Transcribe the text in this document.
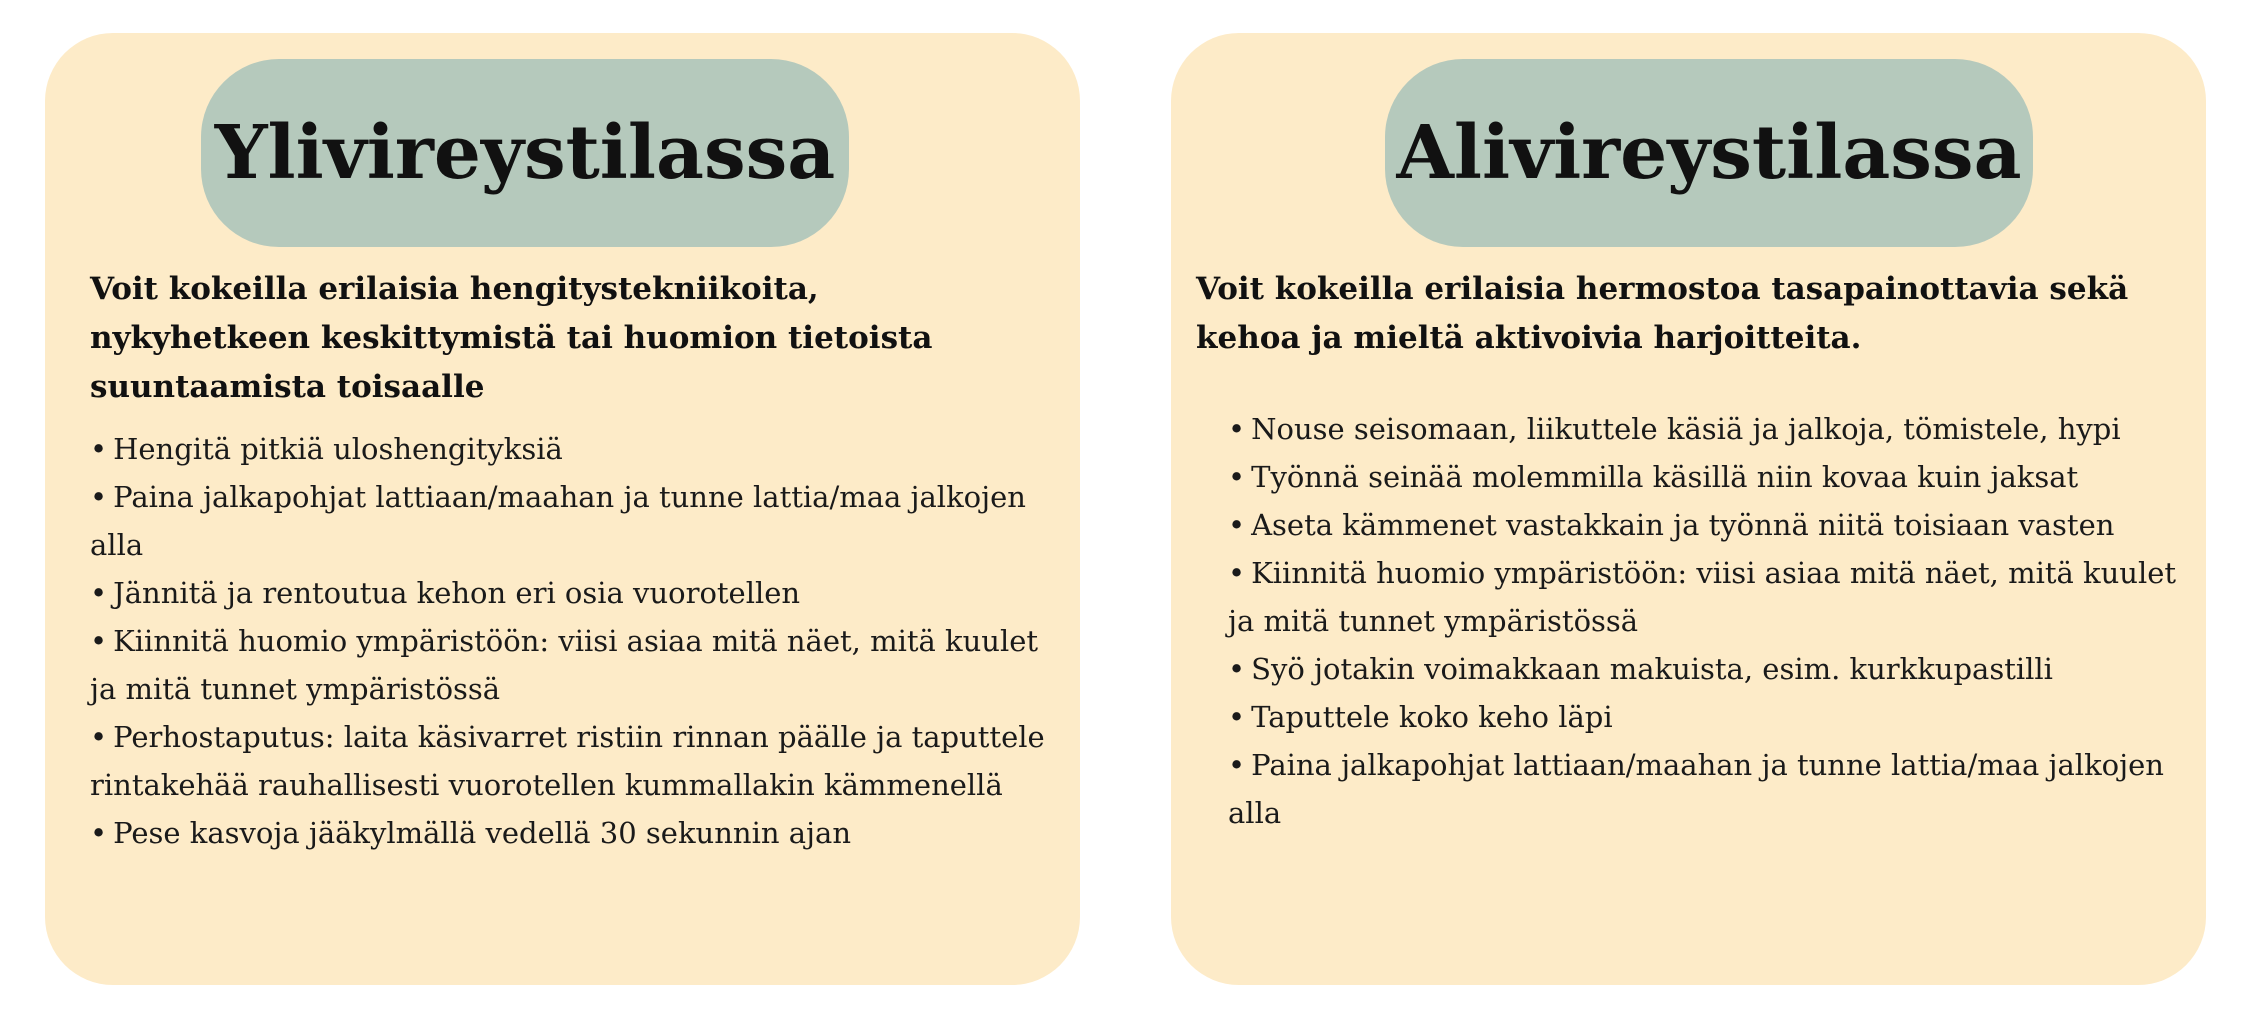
Ylivireystilassa

Voit kokeilla erilaisia hengitystekniikoita, nykyhetkeen keskittymistä tai huomion tietoista suuntaamista toisaalle

• Hengitä pitkiä uloshengityksiä
• Paina jalkapohjat lattiaan/maahan ja tunne lattia/maa jalkojen alla
• Jännitä ja rentoutua kehon eri osia vuorotellen
• Kiinnitä huomio ympäristöön: viisi asiaa mitä näet, mitä kuulet ja mitä tunnet ympäristössä
• Perhostaputus: laita käsivarret ristiin rinnan päälle ja taputtele rintakehää rauhallisesti vuorotellen kummallakin kämmenellä
• Pese kasvoja jääkylmällä vedellä 30 sekunnin ajan
Alivireystilassa

Voit kokeilla erilaisia hermostoa tasapainottavia sekä kehoa ja mieltä aktivoivia harjoitteita.

• Nouse seisomaan, liikuttele käsiä ja jalkoja, tömistele, hypi
• Työnnä seinää molemmilla käsillä niin kovaa kuin jaksat
• Aseta kämmenet vastakkain ja työnnä niitä toisiaan vasten
• Kiinnitä huomio ympäristöön: viisi asiaa mitä näet, mitä kuulet ja mitä tunnet ympäristössä
• Syö jotakin voimakkaan makuista, esim. kurkkupastilli
• Taputtele koko keho läpi
• Paina jalkapohjat lattiaan/maahan ja tunne lattia/maa jalkojen alla
